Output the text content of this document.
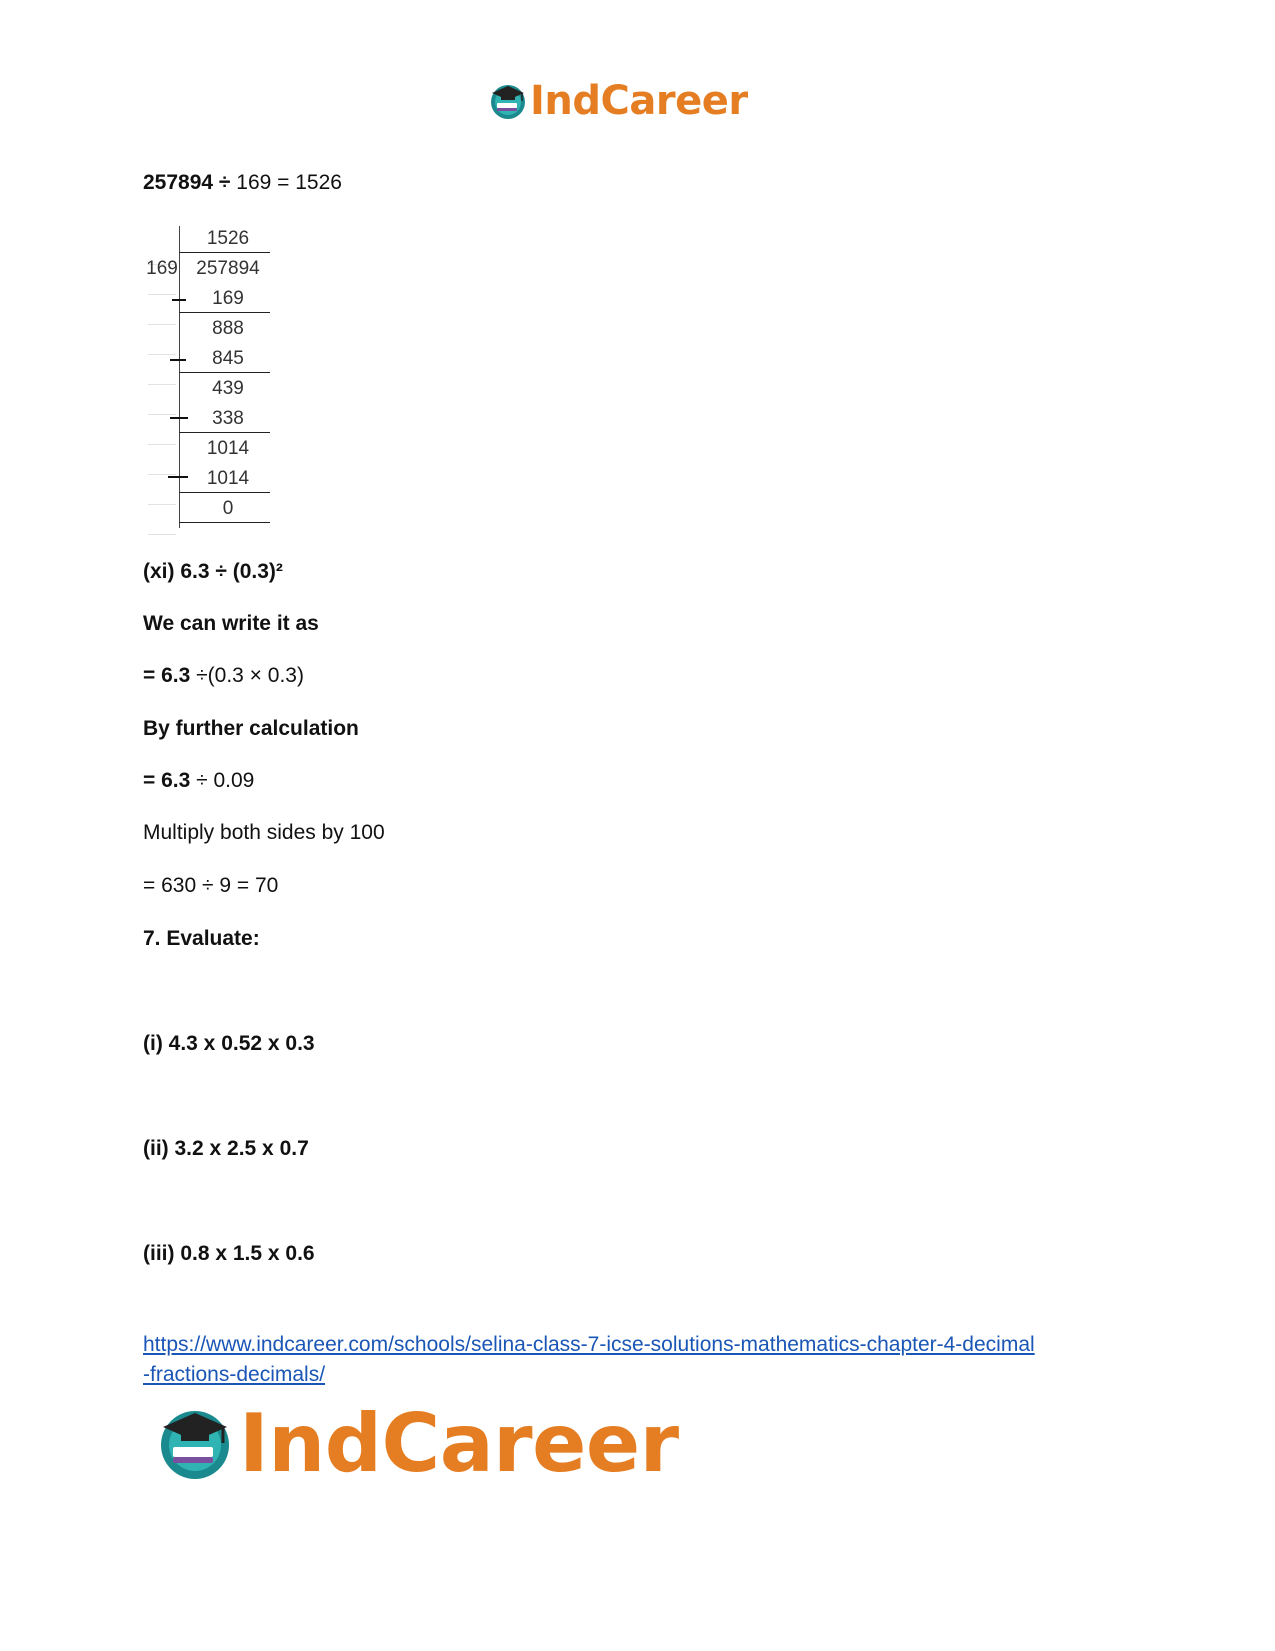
IndCareer
257894 ÷ 169 = 1526
1526
169 257894
169
888
845
439
338
1014
1014
0
(xi) 6.3 ÷ (0.3)²
We can write it as
= 6.3 ÷(0.3 × 0.3)
By further calculation
= 6.3 ÷ 0.09
Multiply both sides by 100
= 630 ÷ 9 = 70
7. Evaluate:
(i) 4.3 x 0.52 x 0.3
(ii) 3.2 x 2.5 x 0.7
(iii) 0.8 x 1.5 x 0.6
https://www.indcareer.com/schools/selina-class-7-icse-solutions-mathematics-chapter-4-decimal
-fractions-decimals/
IndCareer
